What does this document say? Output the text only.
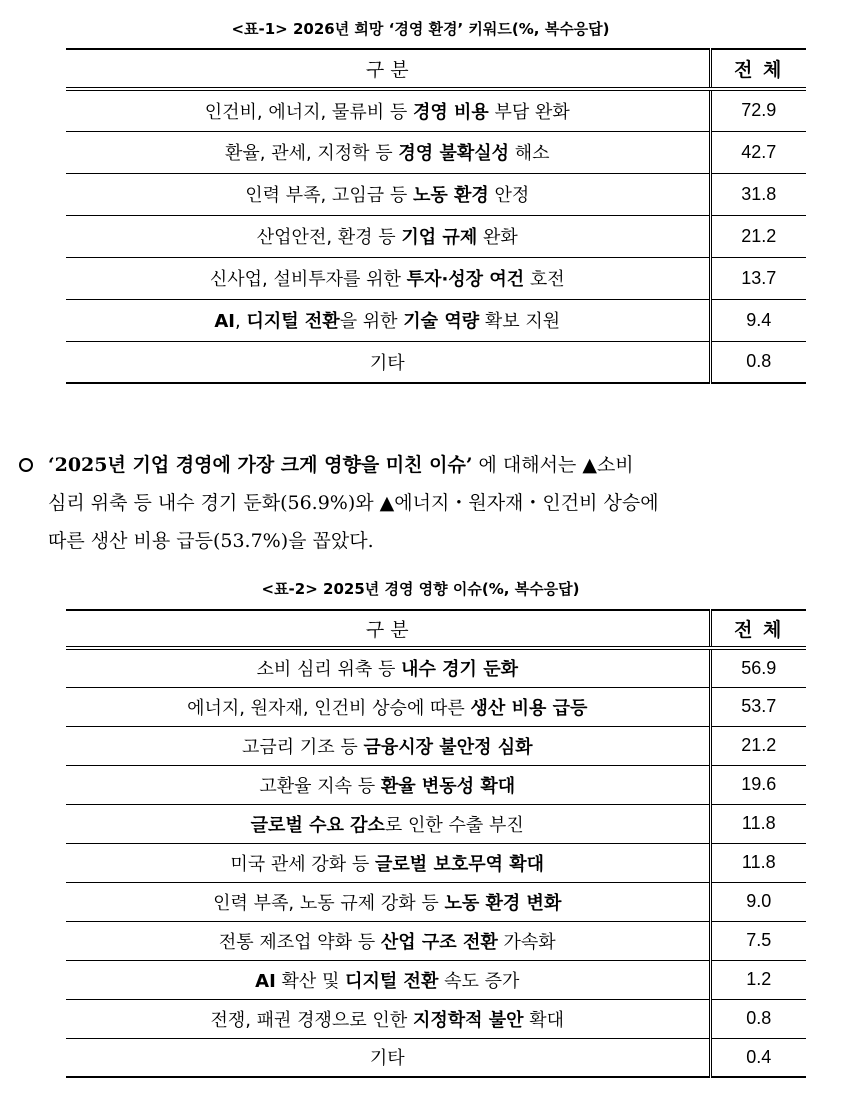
<표-1> 2026년 희망 ‘경영 환경’ 키워드(%, 복수응답)
구 분	전 체
인건비, 에너지, 물류비 등 경영 비용 부담 완화	72.9
환율, 관세, 지정학 등 경영 불확실성 해소	42.7
인력 부족, 고임금 등 노동 환경 안정	31.8
산업안전, 환경 등 기업 규제 완화	21.2
신사업, 설비투자를 위한 투자·성장 여건 호전	13.7
AI, 디지털 전환을 위한 기술 역량 확보 지원	9.4
기타	0.8
‘2025년 기업 경영에 가장 크게 영향을 미친 이슈’ 에 대해서는 ▲소비
심리 위축 등 내수 경기 둔화(56.9%)와 ▲에너지・원자재・인건비 상승에
따른 생산 비용 급등(53.7%)을 꼽았다.
<표-2> 2025년 경영 영향 이슈(%, 복수응답)
구 분	전 체
소비 심리 위축 등 내수 경기 둔화	56.9
에너지, 원자재, 인건비 상승에 따른 생산 비용 급등	53.7
고금리 기조 등 금융시장 불안정 심화	21.2
고환율 지속 등 환율 변동성 확대	19.6
글로벌 수요 감소로 인한 수출 부진	11.8
미국 관세 강화 등 글로벌 보호무역 확대	11.8
인력 부족, 노동 규제 강화 등 노동 환경 변화	9.0
전통 제조업 약화 등 산업 구조 전환 가속화	7.5
AI 확산 및 디지털 전환 속도 증가	1.2
전쟁, 패권 경쟁으로 인한 지정학적 불안 확대	0.8
기타	0.4
